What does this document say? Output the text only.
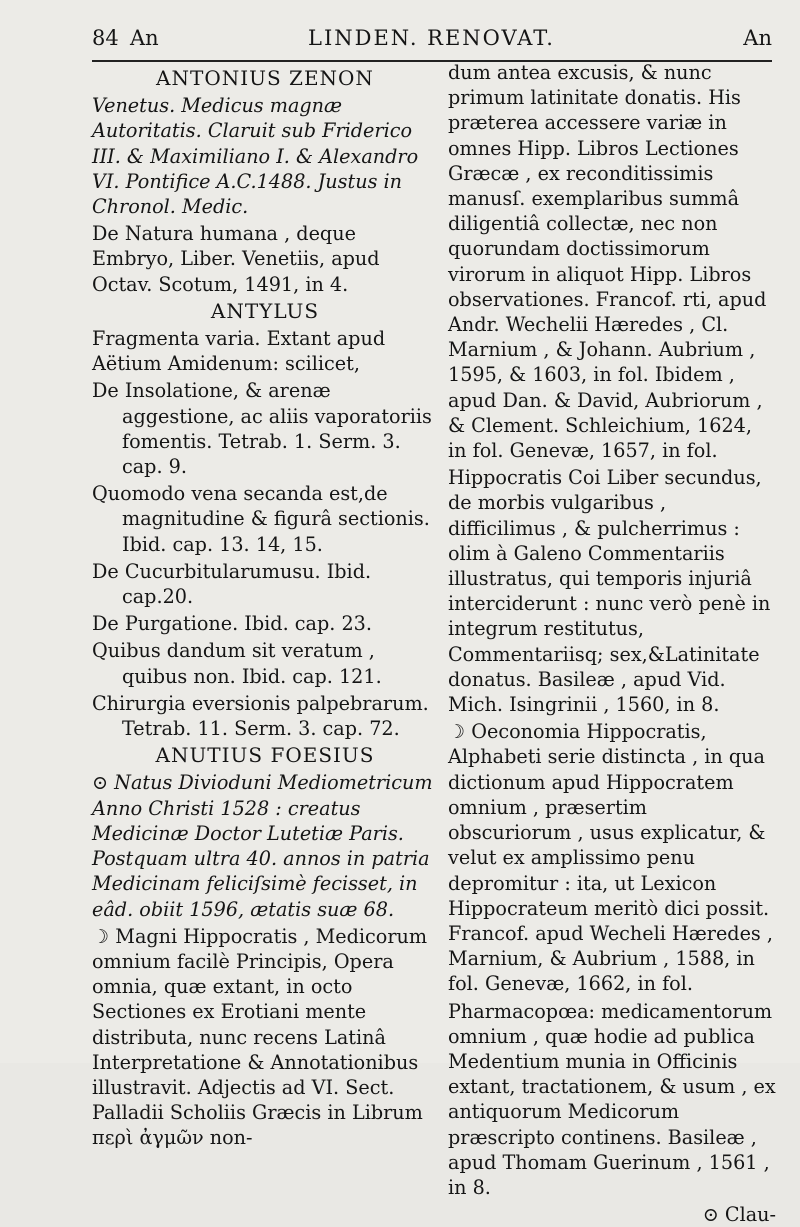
84 An	LINDEN. RENOVAT.	An
ANTONIUS ZENON
Venetus. Medicus magnæ Autoritatis. Claruit sub Friderico III. & Maximiliano I. & Alexandro VI. Pontifice A.C.1488. Justus in Chronol. Medic.
De Natura humana , deque Embryo, Liber. Venetiis, apud Octav. Scotum, 1491, in 4.
ANTYLUS
Fragmenta varia. Extant apud Aëtium Amidenum: scilicet,
De Insolatione, & arenæ aggestione, ac aliis vaporatoriis fomentis. Tetrab. 1. Serm. 3. cap. 9.
Quomodo vena secanda est,de magnitudine & figurâ sectionis. Ibid. cap. 13. 14, 15.
De Cucurbitularumusu. Ibid. cap.20.
De Purgatione. Ibid. cap. 23.
Quibus dandum sit veratum , quibus non. Ibid. cap. 121.
Chirurgia eversionis palpebrarum. Tetrab. 11. Serm. 3. cap. 72.
ANUTIUS FOESIUS
⊙ Natus Divioduni Mediometricum Anno Christi 1528 : creatus Medicinæ Doctor Lutetiæ Paris. Postquam ultra 40. annos in patria Medicinam feliciſsimè fecisset, in eâd. obiit 1596, ætatis suæ 68.
☽ Magni Hippocratis , Medicorum omnium facilè Principis, Opera omnia, quæ extant, in octo Sectiones ex Erotiani mente distributa, nunc recens Latinâ Interpretatione & Annotationibus illustravit. Adjectis ad VI. Sect. Palladii Scholiis Græcis in Librum περὶ ἀγμῶν non-
dum antea excusis, & nunc primum latinitate donatis. His præterea accessere variæ in omnes Hipp. Libros Lectiones Græcæ , ex reconditissimis manusſ. exemplaribus summâ diligentiâ collectæ, nec non quorundam doctissimorum virorum in aliquot Hipp. Libros observationes. Francof. rti, apud Andr. Wechelii Hæredes , Cl. Marnium , & Johann. Aubrium , 1595, & 1603, in fol. Ibidem , apud Dan. & David, Aubriorum , & Clement. Schleichium, 1624, in fol. Genevæ, 1657, in fol.
Hippocratis Coi Liber secundus, de morbis vulgaribus , difficilimus , & pulcherrimus : olim à Galeno Commentariis illustratus, qui temporis injuriâ interciderunt : nunc verò penè in integrum restitutus, Commentariisq; sex,&Latinitate donatus. Basileæ , apud Vid. Mich. Isingrinii , 1560, in 8.
☽ Oeconomia Hippocratis, Alphabeti serie distincta , in qua dictionum apud Hippocratem omnium , præsertim obscuriorum , usus explicatur, & velut ex amplissimo penu depromitur : ita, ut Lexicon Hippocrateum meritò dici possit. Francof. apud Wecheli Hæredes , Marnium, & Aubrium , 1588, in fol. Genevæ, 1662, in fol.
Pharmacopœa: medicamentorum omnium , quæ hodie ad publica Medentium munia in Officinis extant, tractationem, & usum , ex antiquorum Medicorum præscripto continens. Basileæ , apud Thomam Guerinum , 1561 , in 8.
⊙ Clau-
